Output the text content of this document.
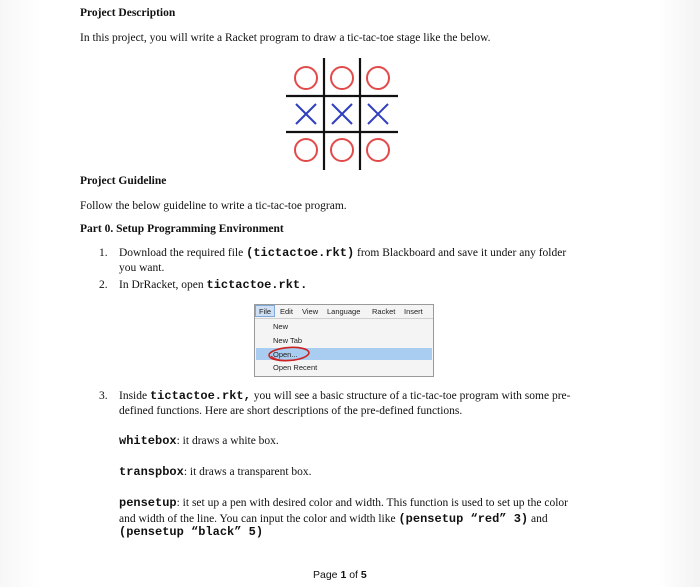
Project Description
In this project, you will write a Racket program to draw a tic-tac-toe stage like the below.
Project Guideline
Follow the below guideline to write a tic-tac-toe program.
Part 0. Setup Programming Environment
1. Download the required file (tictactoe.rkt) from Blackboard and save it under any folder
you want.
2. In DrRacket, open tictactoe.rkt.
File	Edit View Language Racket Insert
New
New Tab
Open...
Open Recent
3. Inside tictactoe.rkt, you will see a basic structure of a tic-tac-toe program with some pre-
defined functions. Here are short descriptions of the pre-defined functions.
whitebox: it draws a white box.
transpbox: it draws a transparent box.
pensetup: it set up a pen with desired color and width. This function is used to set up the color
and width of the line. You can input the color and width like (pensetup “red” 3) and
(pensetup “black” 5)
Page 1 of 5
